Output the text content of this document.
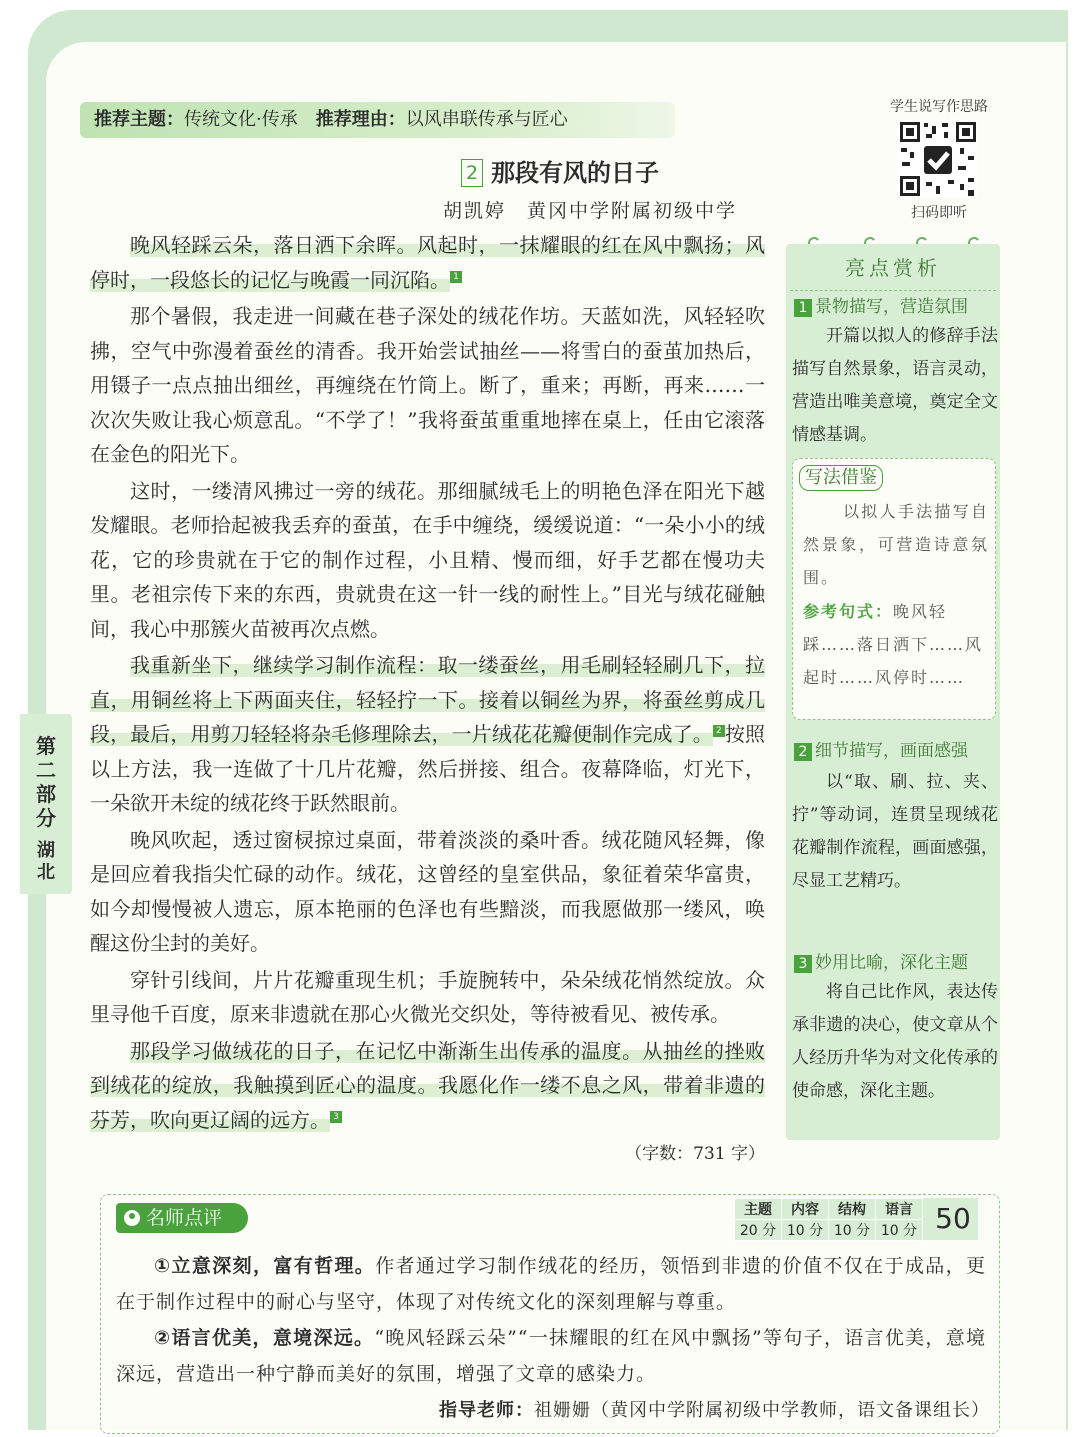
推荐主题：传统文化·传承　 推荐理由：以风串联传承与匠心
学生说写作思路
扫码即听
2 那段有风的日子
胡凯婷　黄冈中学附属初级中学

晚风轻踩云朵，落日洒下余晖。风起时，一抹耀眼的红在风中飘扬；风停时，一段悠长的记忆与晚霞一同沉陷。 1

那个暑假，我走进一间藏在巷子深处的绒花作坊。天蓝如洗，风轻轻吹拂，空气中弥漫着蚕丝的清香。我开始尝试抽丝——将雪白的蚕茧加热后，用镊子一点点抽出细丝，再缠绕在竹筒上。断了，重来；再断，再来……一次次失败让我心烦意乱。“不学了！”我将蚕茧重重地摔在桌上，任由它滚落在金色的阳光下。

这时，一缕清风拂过一旁的绒花。那细腻绒毛上的明艳色泽在阳光下越发耀眼。老师拾起被我丢弃的蚕茧，在手中缠绕，缓缓说道：“一朵小小的绒花，它的珍贵就在于它的制作过程，小且精、慢而细，好手艺都在慢功夫里。老祖宗传下来的东西，贵就贵在这一针一线的耐性上。”目光与绒花碰触间，我心中那簇火苗被再次点燃。

我重新坐下，继续学习制作流程：取一缕蚕丝，用毛刷轻轻刷几下，拉直，用铜丝将上下两面夹住，轻轻拧一下。接着以铜丝为界，将蚕丝剪成几段，最后，用剪刀轻轻将杂毛修理除去，一片绒花花瓣便制作完成了。 2 按照以上方法，我一连做了十几片花瓣，然后拼接、组合。夜幕降临，灯光下，一朵欲开未绽的绒花终于跃然眼前。

晚风吹起，透过窗棂掠过桌面，带着淡淡的桑叶香。绒花随风轻舞，像是回应着我指尖忙碌的动作。绒花，这曾经的皇室供品，象征着荣华富贵，如今却慢慢被人遗忘，原本艳丽的色泽也有些黯淡，而我愿做那一缕风，唤醒这份尘封的美好。

穿针引线间，片片花瓣重现生机；手旋腕转中，朵朵绒花悄然绽放。众里寻他千百度，原来非遗就在那心火微光交织处，等待被看见、被传承。

那段学习做绒花的日子，在记忆中渐渐生出传承的温度。从抽丝的挫败到绒花的绽放，我触摸到匠心的温度。我愿化作一缕不息之风，带着非遗的芬芳，吹向更辽阔的远方。 3

（字数：731 字）
第二部分
湖北
亮点赏析
1 景物描写，营造氛围
开篇以拟人的修辞手法描写自然景象，语言灵动，营造出唯美意境，奠定全文情感基调。
2 细节描写，画面感强
以“取、刷、拉、夹、拧”等动词，连贯呈现绒花花瓣制作流程，画面感强，尽显工艺精巧。
3 妙用比喻，深化主题
将自己比作风，表达传承非遗的决心，使文章从个人经历升华为对文化传承的使命感，深化主题。
写法借鉴
以拟人手法描写自然景象，可营造诗意氛围。
参考句式：晚风轻踩……落日洒下……风起时……风停时……
名师点评	主题	内容	结构	语言
20 分	10 分	10 分	10 分 50

①立意深刻，富有哲理。作者通过学习制作绒花的经历，领悟到非遗的价值不仅在于成品，更在于制作过程中的耐心与坚守，体现了对传统文化的深刻理解与尊重。

②语言优美，意境深远。“晚风轻踩云朵”“一抹耀眼的红在风中飘扬”等句子，语言优美，意境深远，营造出一种宁静而美好的氛围，增强了文章的感染力。

指导老师：祖姗姗（黄冈中学附属初级中学教师，语文备课组长）
